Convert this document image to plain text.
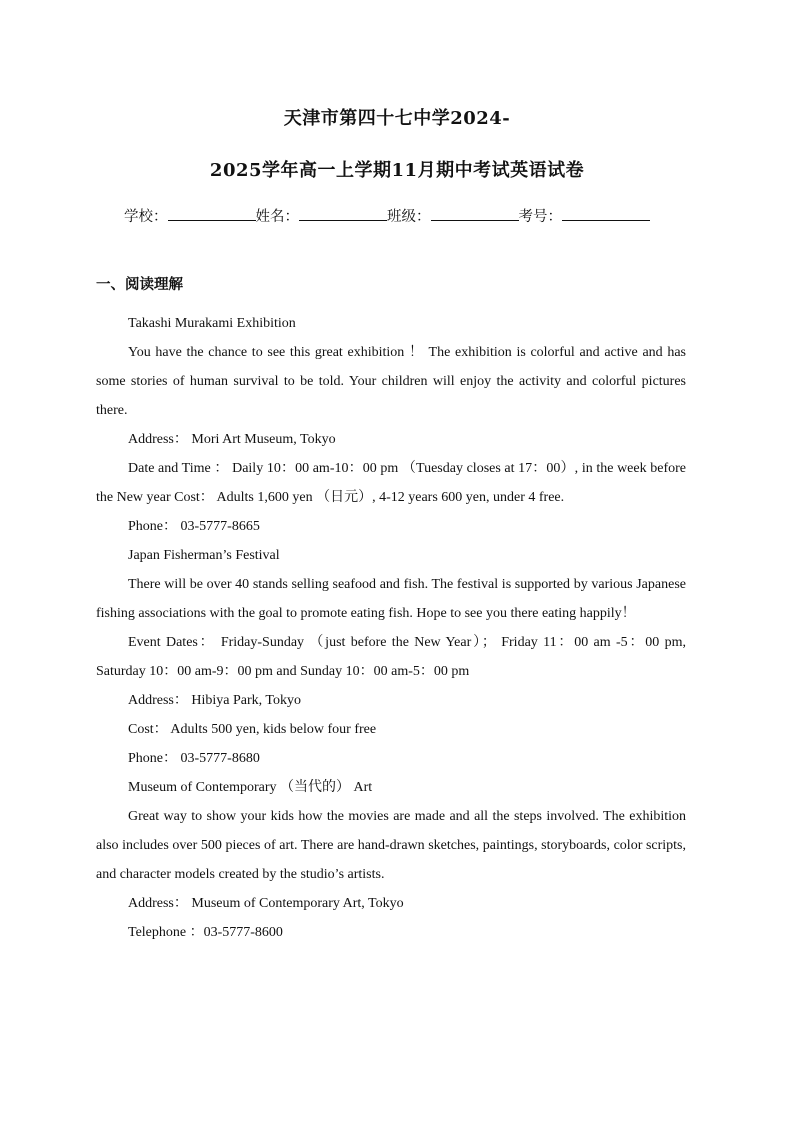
天津市第四十七中学2024-
2025学年高一上学期11月期中考试英语试卷
学校：	姓名：	班级：	考号：
一、阅读理解

Takashi Murakami Exhibition

You have the chance to see this great exhibition ！ The exhibition is colorful and active and has some stories of human survival to be told. Your children will enjoy the activity and colorful pictures there.

Address： Mori Art Museum, Tokyo

Date and Time ： Daily 10：00 am-10：00 pm （Tuesday closes at 17：00）, in the week before the New year Cost： Adults 1,600 yen （日元）, 4-12 years 600 yen, under 4 free.

Phone： 03-5777-8665

Japan Fisherman’s Festival

There will be over 40 stands selling seafood and fish. The festival is supported by various Japanese fishing associations with the goal to promote eating fish. Hope to see you there eating happily！

Event Dates： Friday-Sunday （just before the New Year）； Friday 11：00 am -5：00 pm, Saturday 10：00 am-9：00 pm and Sunday 10：00 am-5：00 pm

Address： Hibiya Park, Tokyo

Cost： Adults 500 yen, kids below four free

Phone： 03-5777-8680

Museum of Contemporary （当代的） Art

Great way to show your kids how the movies are made and all the steps involved. The exhibition also includes over 500 pieces of art. There are hand-drawn sketches, paintings, storyboards, color scripts, and character models created by the studio’s artists.

Address： Museum of Contemporary Art, Tokyo

Telephone ：03-5777-8600
